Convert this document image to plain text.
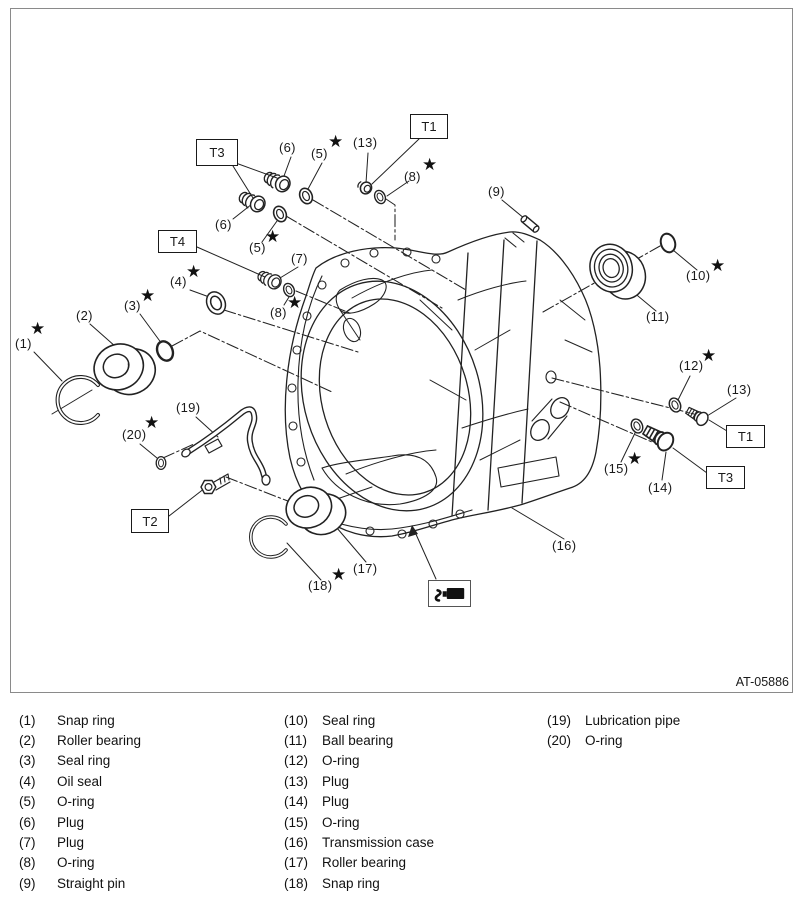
(1)
★
(2)
(3)
★
(4)
★
(6) (5)
★ (13)
(8)
★
(6)
(5)
★
(7)
(8)
★
(9)
(10)
★
(11)
(12)
★
(13)
(14)
(15)
★
(16)
(17)
(18)
★
(19)
(20)
★
T3
T1
T4
T2
T1
T3
AT-05886
(1)	Snap ring
(2)	Roller bearing
(3)	Seal ring
(4)	Oil seal
(5)	O-ring
(6)	Plug
(7)	Plug
(8)	O-ring
(9)	Straight pin
(10)	Seal ring
(11)	Ball bearing
(12)	O-ring
(13)	Plug
(14)	Plug
(15)	O-ring
(16)	Transmission case
(17)	Roller bearing
(18)	Snap ring
(19)	Lubrication pipe
(20)	O-ring
